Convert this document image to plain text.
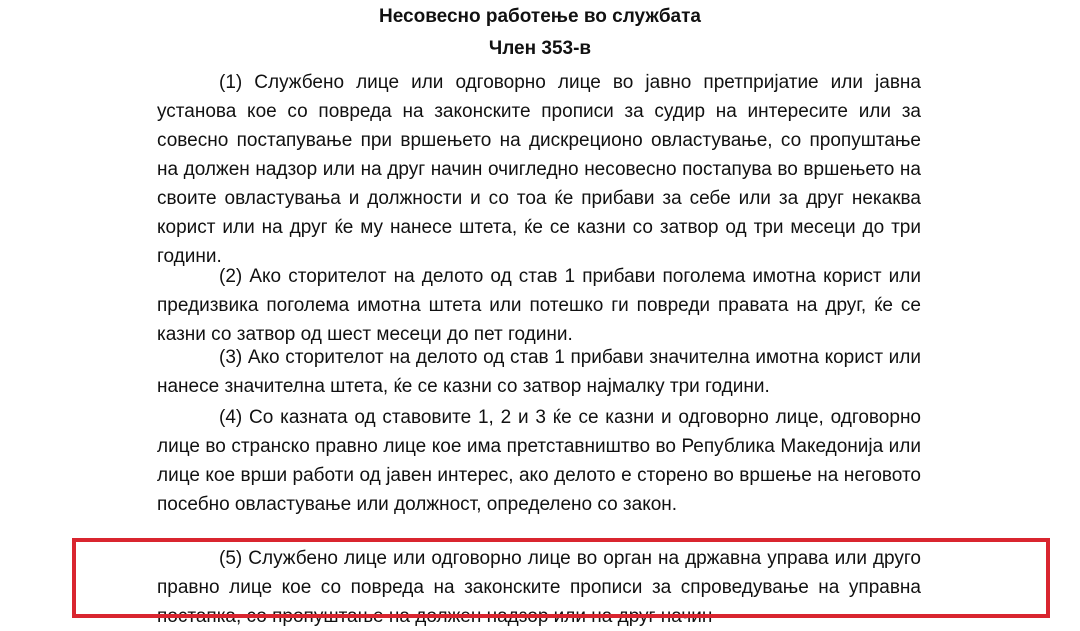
Несовесно работење во службата
Член 353-в

(1) Службено лице или одговорно лице во јавно претпријатие или јавна установа кое со повреда на законските прописи за судир на интересите или за совесно постапување при вршењето на дискреционо овластување, со пропуштање на должен надзор или на друг начин очигледно несовесно постапува во вршењето на своите овластувања и должности и со тоа ќе прибави за себе или за друг некаква корист или на друг ќе му нанесе штета, ќе се казни со затвор од три месеци до три години.

(2) Ако сторителот на делото од став 1 прибави поголема имотна корист или предизвика поголема имотна штета или потешко ги повреди правата на друг, ќе се казни со затвор од шест месеци до пет години.

(3) Ако сторителот на делото од став 1 прибави значителна имотна корист или нанесе значителна штета, ќе се казни со затвор најмалку три години.

(4) Со казната од ставовите 1, 2 и 3 ќе се казни и одговорно лице, одговорно лице во странско правно лице кое има претставништво во Република Македонија или лице кое врши работи од јавен интерес, ако делото е сторено во вршење на неговото посебно овластување или должност, определено со закон.

(5) Службено лице или одговорно лице во орган на државна управа или друго правно лице кое со повреда на законските прописи за спроведување на управна постапка, со пропуштање на должен надзор или на друг начин
